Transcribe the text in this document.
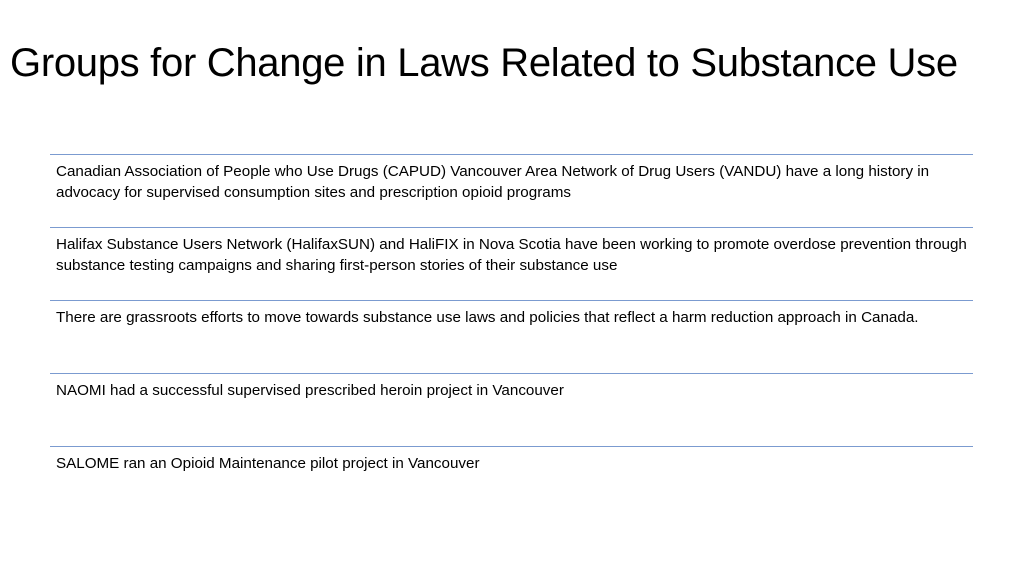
Groups for Change in Laws Related to Substance Use
Canadian Association of People who Use Drugs (CAPUD) Vancouver Area Network of Drug Users (VANDU) have a long history in advocacy for supervised consumption sites and prescription opioid programs
Halifax Substance Users Network (HalifaxSUN) and HaliFIX in Nova Scotia have been working to promote overdose prevention through substance testing campaigns and sharing first-person stories of their substance use
There are grassroots efforts to move towards substance use laws and policies that reflect a harm reduction approach in Canada.
NAOMI had a successful supervised prescribed heroin project in Vancouver
SALOME ran an Opioid Maintenance pilot project in Vancouver
